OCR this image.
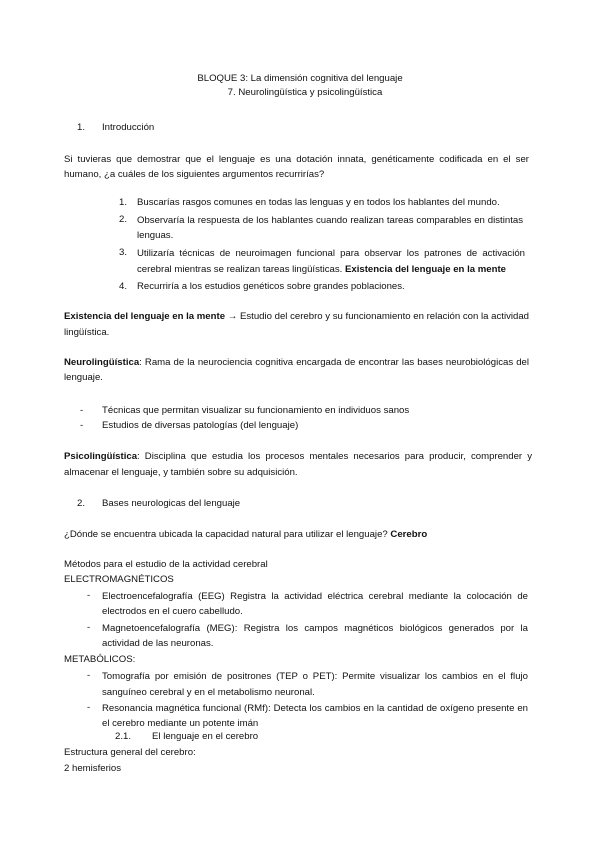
BLOQUE 3: La dimensión cognitiva del lenguaje
7. Neurolingüística y psicolingüística
1. Introducción
Si tuvieras que demostrar que el lenguaje es una dotación innata, genéticamente codificada en el ser humano, ¿a cuáles de los siguientes argumentos recurrirías?
1. Buscarías rasgos comunes en todas las lenguas y en todos los hablantes del mundo.
2. Observaría la respuesta de los hablantes cuando realizan tareas comparables en distintas lenguas.
3. Utilizaría técnicas de neuroimagen funcional para observar los patrones de activación cerebral mientras se realizan tareas lingüísticas. Existencia del lenguaje en la mente
4. Recurriría a los estudios genéticos sobre grandes poblaciones.
Existencia del lenguaje en la mente → Estudio del cerebro y su funcionamiento en relación con la actividad lingüística.
Neurolingüística: Rama de la neurociencia cognitiva encargada de encontrar las bases neurobiológicas del lenguaje.
- Técnicas que permitan visualizar su funcionamiento en individuos sanos
- Estudios de diversas patologías (del lenguaje)
Psicolingüística: Disciplina que estudia los procesos mentales necesarios para producir, comprender y almacenar el lenguaje, y también sobre su adquisición.
2. Bases neurologicas del lenguaje
¿Dónde se encuentra ubicada la capacidad natural para utilizar el lenguaje? Cerebro
Métodos para el estudio de la actividad cerebral
ELECTROMAGNÉTICOS
- Electroencefalografía (EEG) Registra la actividad eléctrica cerebral mediante la colocación de electrodos en el cuero cabelludo.
- Magnetoencefalografía (MEG): Registra los campos magnéticos biológicos generados por la actividad de las neuronas.
METABÓLICOS:
- Tomografía por emisión de positrones (TEP o PET): Permite visualizar los cambios en el flujo sanguíneo cerebral y en el metabolismo neuronal.
- Resonancia magnética funcional (RMf): Detecta los cambios en la cantidad de oxígeno presente en el cerebro mediante un potente imán
2.1. El lenguaje en el cerebro
Estructura general del cerebro:
2 hemisferios
